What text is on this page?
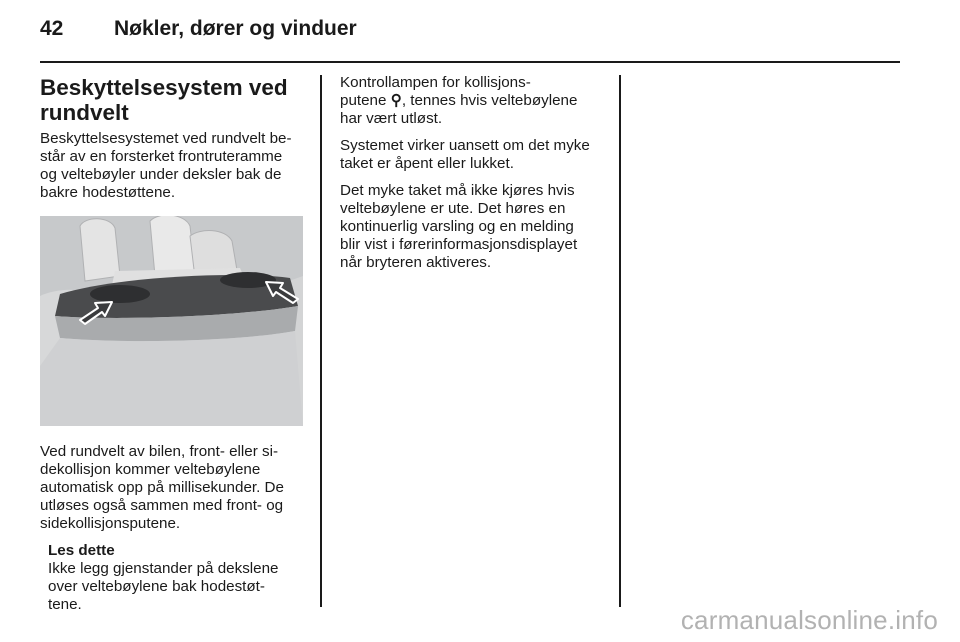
42 Nøkler, dører og vinduer
Beskyttelsesystem ved
rundvelt

Beskyttelsesystemet ved rundvelt be-
står av en forsterket frontruteramme
og veltebøyler under deksler bak de
bakre hodestøttene.

Ved rundvelt av bilen, front- eller si-
dekollisjon kommer veltebøylene
automatisk opp på millisekunder. De
utløses også sammen med front- og
sidekollisjonsputene.

Les dette

Ikke legg gjenstander på dekslene
over veltebøylene bak hodestøt-
tene.

Kontrollampen for kollisjons-
putene ⚲, tennes hvis veltebøylene
har vært utløst.

Systemet virker uansett om det myke
taket er åpent eller lukket.

Det myke taket må ikke kjøres hvis
veltebøylene er ute. Det høres en
kontinuerlig varsling og en melding
blir vist i førerinformasjonsdisplayet
når bryteren aktiveres.

carmanualsonline.info
